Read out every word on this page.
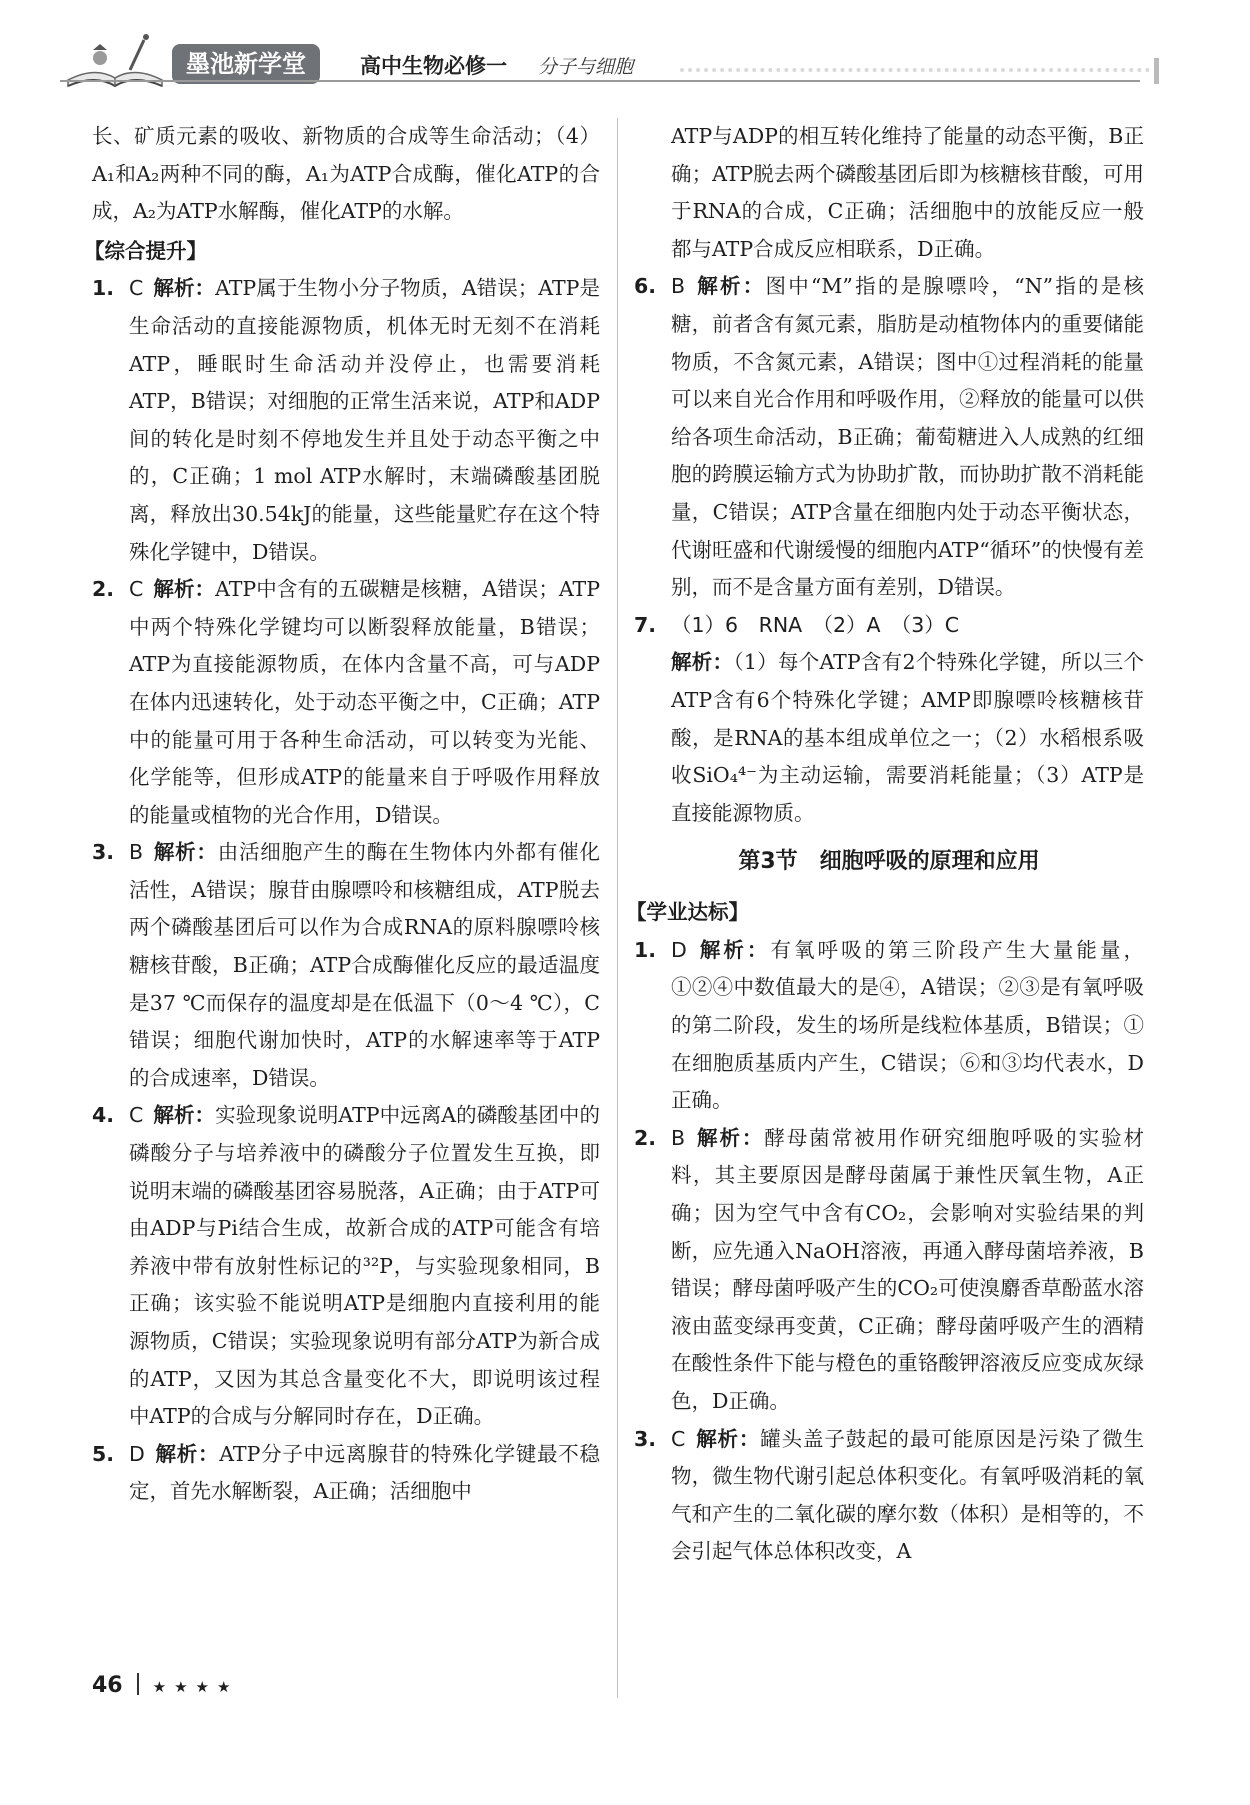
墨池新学堂	高中生物必修一 分子与细胞

长、矿质元素的吸收、新物质的合成等生命活动；（4）A₁和A₂两种不同的酶，A₁为ATP合成酶，催化ATP的合成，A₂为ATP水解酶，催化ATP的水解。

【综合提升】
1. C 解析：ATP属于生物小分子物质，A错误；ATP是生命活动的直接能源物质，机体无时无刻不在消耗ATP，睡眠时生命活动并没停止，也需要消耗ATP，B错误；对细胞的正常生活来说，ATP和ADP间的转化是时刻不停地发生并且处于动态平衡之中的，C正确；1 mol ATP水解时，末端磷酸基团脱离，释放出30.54kJ的能量，这些能量贮存在这个特殊化学键中，D错误。
2. C 解析：ATP中含有的五碳糖是核糖，A错误；ATP中两个特殊化学键均可以断裂释放能量，B错误；ATP为直接能源物质，在体内含量不高，可与ADP在体内迅速转化，处于动态平衡之中，C正确；ATP中的能量可用于各种生命活动，可以转变为光能、化学能等，但形成ATP的能量来自于呼吸作用释放的能量或植物的光合作用，D错误。
3. B 解析：由活细胞产生的酶在生物体内外都有催化活性，A错误；腺苷由腺嘌呤和核糖组成，ATP脱去两个磷酸基团后可以作为合成RNA的原料腺嘌呤核糖核苷酸，B正确；ATP合成酶催化反应的最适温度是37 ℃而保存的温度却是在低温下（0～4 ℃），C错误；细胞代谢加快时，ATP的水解速率等于ATP的合成速率，D错误。
4. C 解析：实验现象说明ATP中远离A的磷酸基团中的磷酸分子与培养液中的磷酸分子位置发生互换，即说明末端的磷酸基团容易脱落，A正确；由于ATP可由ADP与Pi结合生成，故新合成的ATP可能含有培养液中带有放射性标记的³²P，与实验现象相同，B正确；该实验不能说明ATP是细胞内直接利用的能源物质，C错误；实验现象说明有部分ATP为新合成的ATP，又因为其总含量变化不大，即说明该过程中ATP的合成与分解同时存在，D正确。
5. D 解析：ATP分子中远离腺苷的特殊化学键最不稳定，首先水解断裂，A正确；活细胞中

ATP与ADP的相互转化维持了能量的动态平衡，B正确；ATP脱去两个磷酸基团后即为核糖核苷酸，可用于RNA的合成，C正确；活细胞中的放能反应一般都与ATP合成反应相联系，D正确。

6. B 解析：图中“M”指的是腺嘌呤，“N”指的是核糖，前者含有氮元素，脂肪是动植物体内的重要储能物质，不含氮元素，A错误；图中①过程消耗的能量可以来自光合作用和呼吸作用，②释放的能量可以供给各项生命活动，B正确；葡萄糖进入人成熟的红细胞的跨膜运输方式为协助扩散，而协助扩散不消耗能量，C错误；ATP含量在细胞内处于动态平衡状态，代谢旺盛和代谢缓慢的细胞内ATP“循环”的快慢有差别，而不是含量方面有差别，D错误。
7. （1）6　RNA　（2）A　（3）C

解析：（1）每个ATP含有2个特殊化学键，所以三个ATP含有6个特殊化学键；AMP即腺嘌呤核糖核苷酸，是RNA的基本组成单位之一；（2）水稻根系吸收SiO₄⁴⁻为主动运输，需要消耗能量；（3）ATP是直接能源物质。

第3节　细胞呼吸的原理和应用
【学业达标】
1. D 解析：有氧呼吸的第三阶段产生大量能量，①②④中数值最大的是④，A错误；②③是有氧呼吸的第二阶段，发生的场所是线粒体基质，B错误；①在细胞质基质内产生，C错误；⑥和③均代表水，D正确。
2. B 解析：酵母菌常被用作研究细胞呼吸的实验材料，其主要原因是酵母菌属于兼性厌氧生物，A正确；因为空气中含有CO₂，会影响对实验结果的判断，应先通入NaOH溶液，再通入酵母菌培养液，B错误；酵母菌呼吸产生的CO₂可使溴麝香草酚蓝水溶液由蓝变绿再变黄，C正确；酵母菌呼吸产生的酒精在酸性条件下能与橙色的重铬酸钾溶液反应变成灰绿色，D正确。
3. C 解析：罐头盖子鼓起的最可能原因是污染了微生物，微生物代谢引起总体积变化。有氧呼吸消耗的氧气和产生的二氧化碳的摩尔数（体积）是相等的，不会引起气体总体积改变，A
46 ★★★★
